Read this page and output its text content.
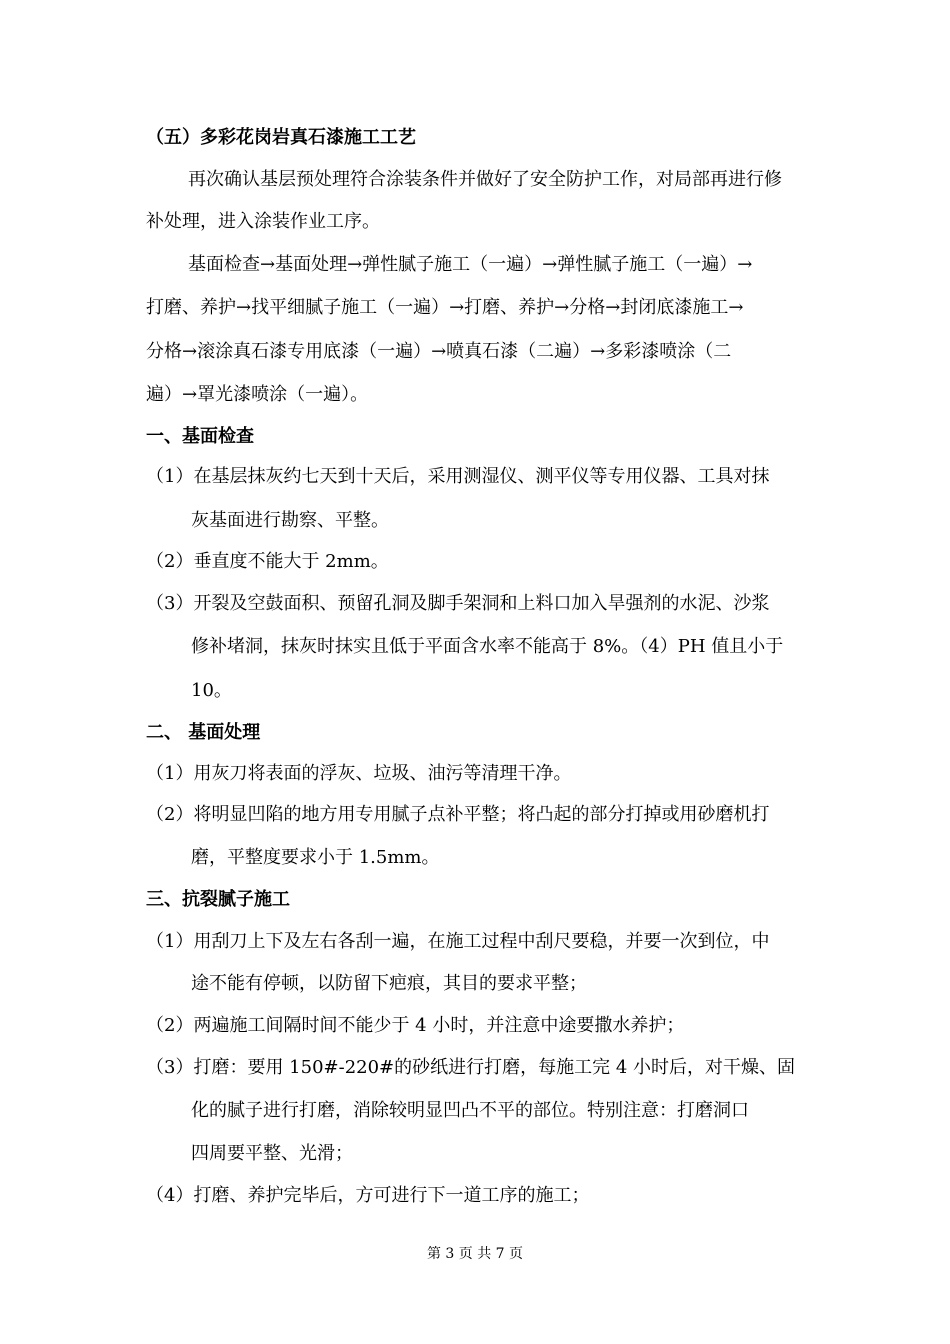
（五）多彩花岗岩真石漆施工工艺
再次确认基层预处理符合涂装条件并做好了安全防护工作，对局部再进行修
补处理，进入涂装作业工序。
基面检查→基面处理→弹性腻子施工（一遍）→弹性腻子施工（一遍）→
打磨、养护→找平细腻子施工（一遍）→打磨、养护→分格→封闭底漆施工→
分格→滚涂真石漆专用底漆（一遍）→喷真石漆（二遍）→多彩漆喷涂（二
遍）→罩光漆喷涂（一遍）。
一、基面检查
（1）在基层抹灰约七天到十天后，采用测湿仪、测平仪等专用仪器、工具对抹
灰基面进行勘察、平整。
（2）垂直度不能大于 2mm。
（3）开裂及空鼓面积、预留孔洞及脚手架洞和上料口加入旱强剂的水泥、沙浆
修补堵洞，抹灰时抹实且低于平面含水率不能高于 8%。（4）PH 值且小于
10。
二、 基面处理
（1）用灰刀将表面的浮灰、垃圾、油污等清理干净。
（2）将明显凹陷的地方用专用腻子点补平整；将凸起的部分打掉或用砂磨机打
磨，平整度要求小于 1.5mm。
三、抗裂腻子施工
（1）用刮刀上下及左右各刮一遍，在施工过程中刮尺要稳，并要一次到位，中
途不能有停顿，以防留下疤痕，其目的要求平整；
（2）两遍施工间隔时间不能少于 4 小时，并注意中途要撒水养护；
（3）打磨：要用 150#-220#的砂纸进行打磨，每施工完 4 小时后，对干燥、固
化的腻子进行打磨，消除较明显凹凸不平的部位。特别注意：打磨洞口
四周要平整、光滑；
（4）打磨、养护完毕后，方可进行下一道工序的施工；
第 3 页 共 7 页
